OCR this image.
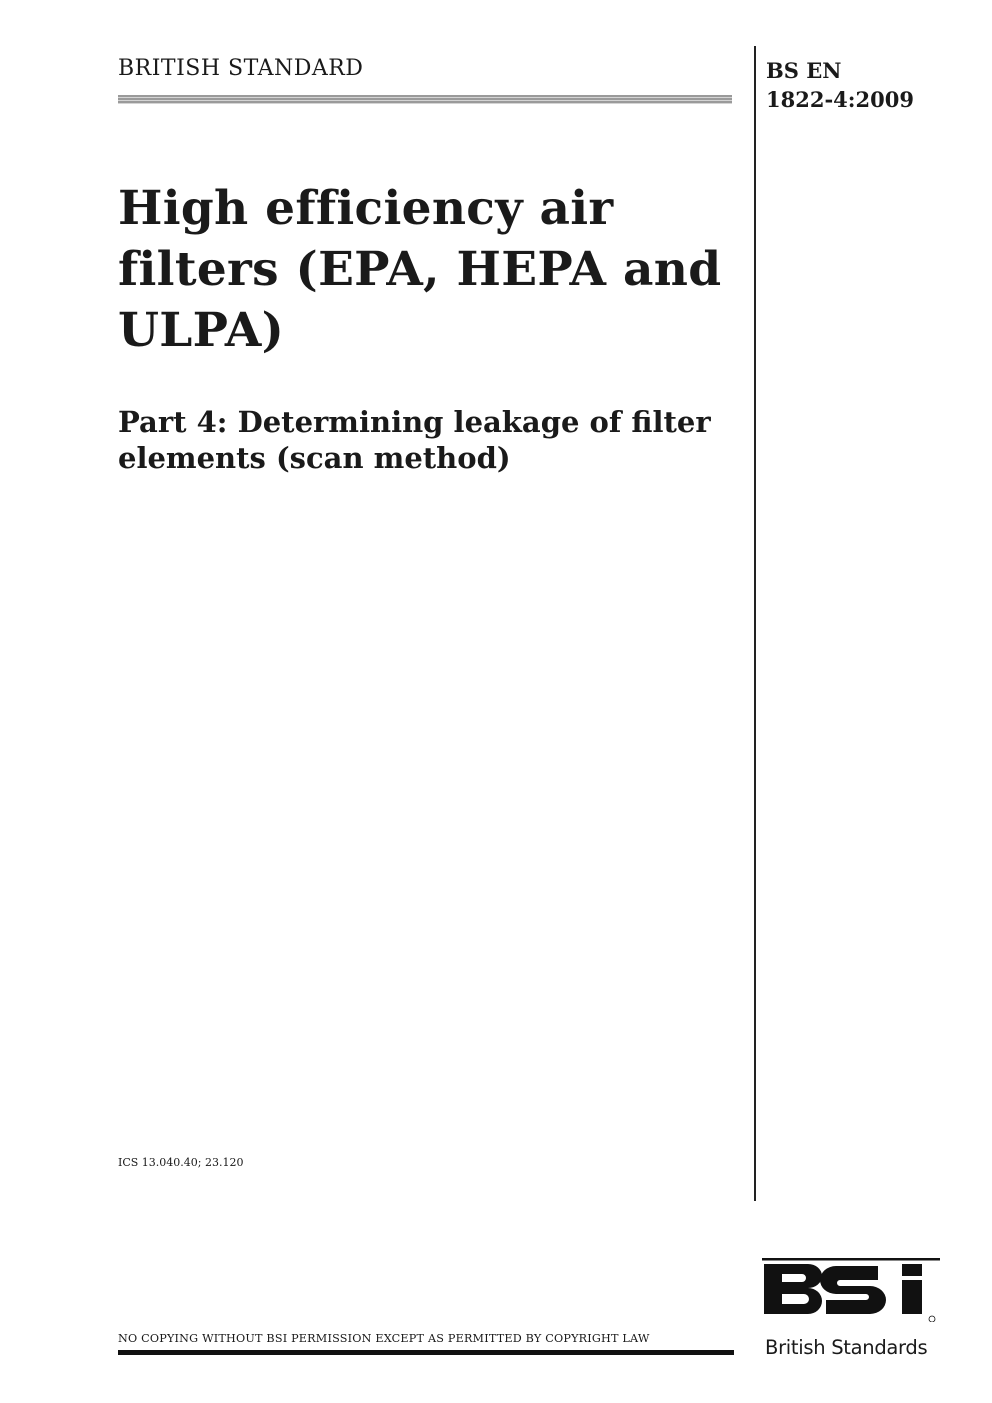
BRITISH STANDARD	BS EN
1822-4:2009
High efficiency air
filters (EPA, HEPA and
ULPA)
Part 4: Determining leakage of filter
elements (scan method)
ICS 13.040.40; 23.120
NO COPYING WITHOUT BSI PERMISSION EXCEPT AS PERMITTED BY COPYRIGHT LAW	British Standards
